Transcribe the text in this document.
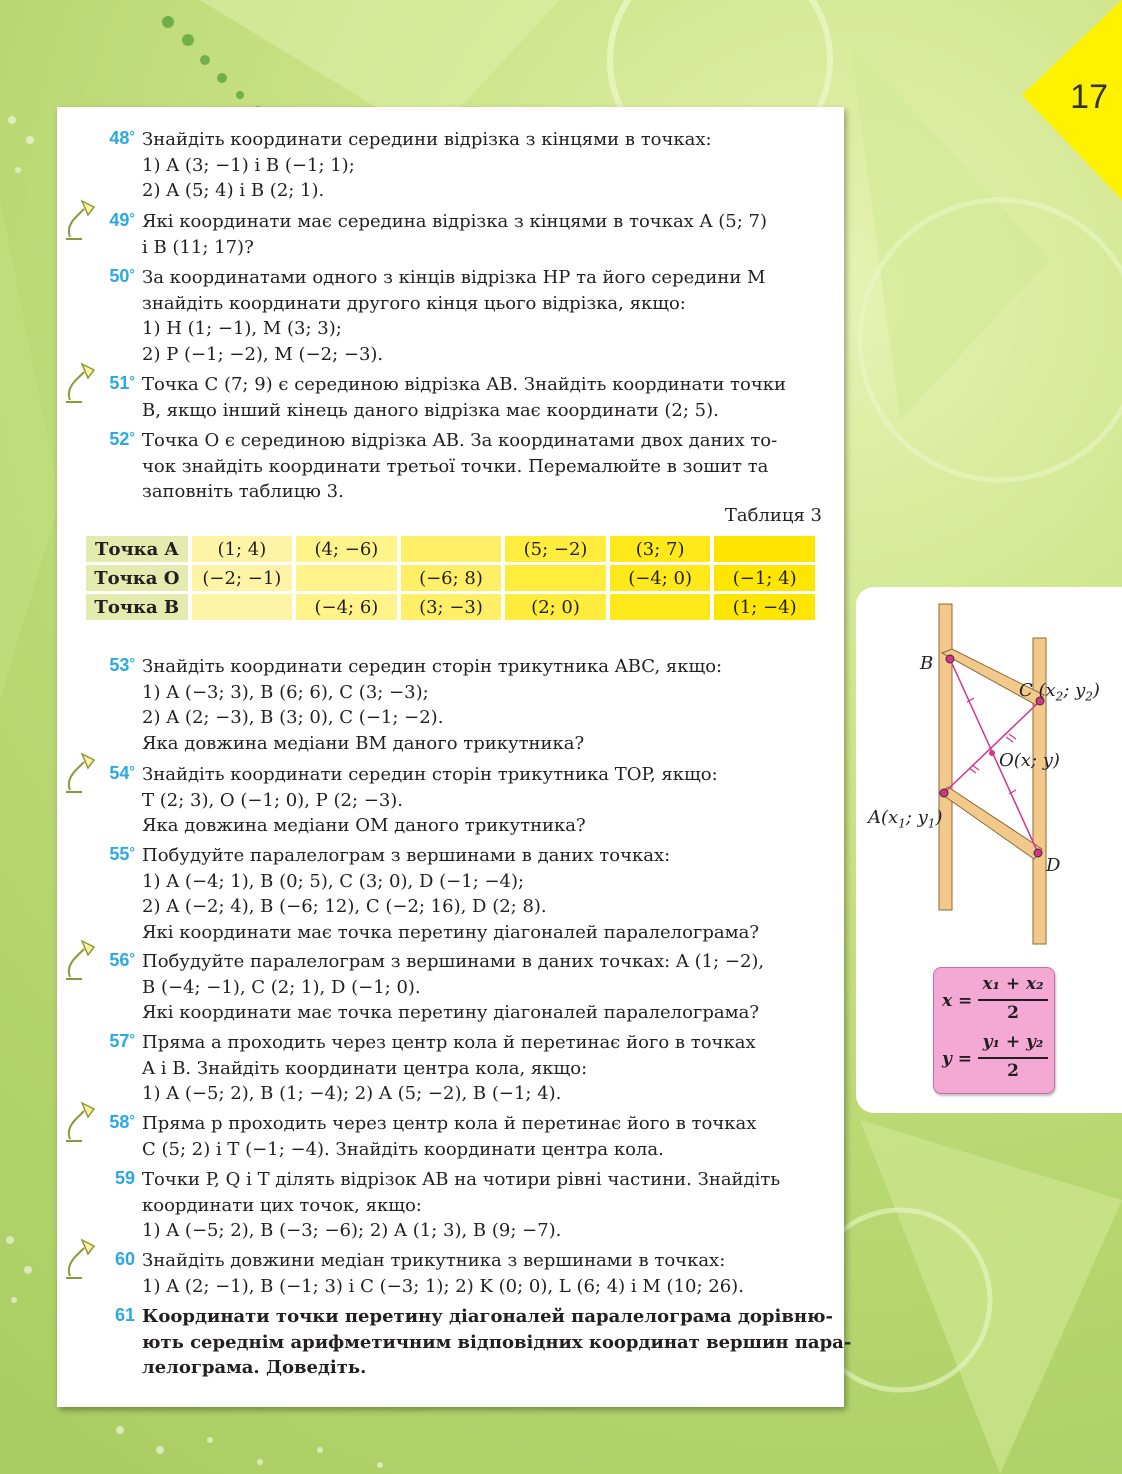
17
Таблиця 3
Точка A	(1; 4)	(4; −6)		(5; −2)	(3; 7)	
Точка O	(−2; −1)		(−6; 8)		(−4; 0)	(−1; 4)
Точка B		(−4; 6)	(3; −3)	(2; 0)		(1; −4)
48° Знайдіть координати середини відрізка з кінцями в точках:
1) A (3; −1) і B (−1; 1);
2) A (5; 4) і B (2; 1).
49° Які координати має середина відрізка з кінцями в точках A (5; 7)
і B (11; 17)?
50° За координатами одного з кінців відрізка HP та його середини M
знайдіть координати другого кінця цього відрізка, якщо:
1) H (1; −1), M (3; 3);
2) P (−1; −2), M (−2; −3).
51° Точка C (7; 9) є серединою відрізка AB. Знайдіть координати точки
B, якщо інший кінець даного відрізка має координати (2; 5).
52° Точка O є серединою відрізка AB. За координатами двох даних то-
чок знайдіть координати третьої точки. Перемалюйте в зошит та
заповніть таблицю 3.
53° Знайдіть координати середин сторін трикутника ABC, якщо:
1) A (−3; 3), B (6; 6), C (3; −3);
2) A (2; −3), B (3; 0), C (−1; −2).
Яка довжина медіани BM даного трикутника?
54° Знайдіть координати середин сторін трикутника TOP, якщо:
T (2; 3), O (−1; 0), P (2; −3).
Яка довжина медіани OM даного трикутника?
55° Побудуйте паралелограм з вершинами в даних точках:
1) A (−4; 1), B (0; 5), C (3; 0), D (−1; −4);
2) A (−2; 4), B (−6; 12), C (−2; 16), D (2; 8).
Які координати має точка перетину діагоналей паралелограма?
56° Побудуйте паралелограм з вершинами в даних точках: A (1; −2),
B (−4; −1), C (2; 1), D (−1; 0).
Які координати має точка перетину діагоналей паралелограма?
57° Пряма a проходить через центр кола й перетинає його в точках
A і B. Знайдіть координати центра кола, якщо:
1) A (−5; 2), B (1; −4); 2) A (5; −2), B (−1; 4).
58° Пряма p проходить через центр кола й перетинає його в точках
C (5; 2) і T (−1; −4). Знайдіть координати центра кола.
59 Точки P, Q і T ділять відрізок AB на чотири рівні частини. Знайдіть
координати цих точок, якщо:
1) A (−5; 2), B (−3; −6); 2) A (1; 3), B (9; −7).
60 Знайдіть довжини медіан трикутника з вершинами в точках:
1) A (2; −1), B (−1; 3) і C (−3; 1); 2) K (0; 0), L (6; 4) і M (10; 26).
61 Координати точки перетину діагоналей паралелограма дорівню-
ють середнім арифметичним відповідних координат вершин пара-
лелограма. Доведіть.
B
C ($x_2$; $y_2$)
O(x; y)
$A(x_1$; $y_1$)
D
x =
x₁ + x₂
2
y =
y₁ + y₂
2
